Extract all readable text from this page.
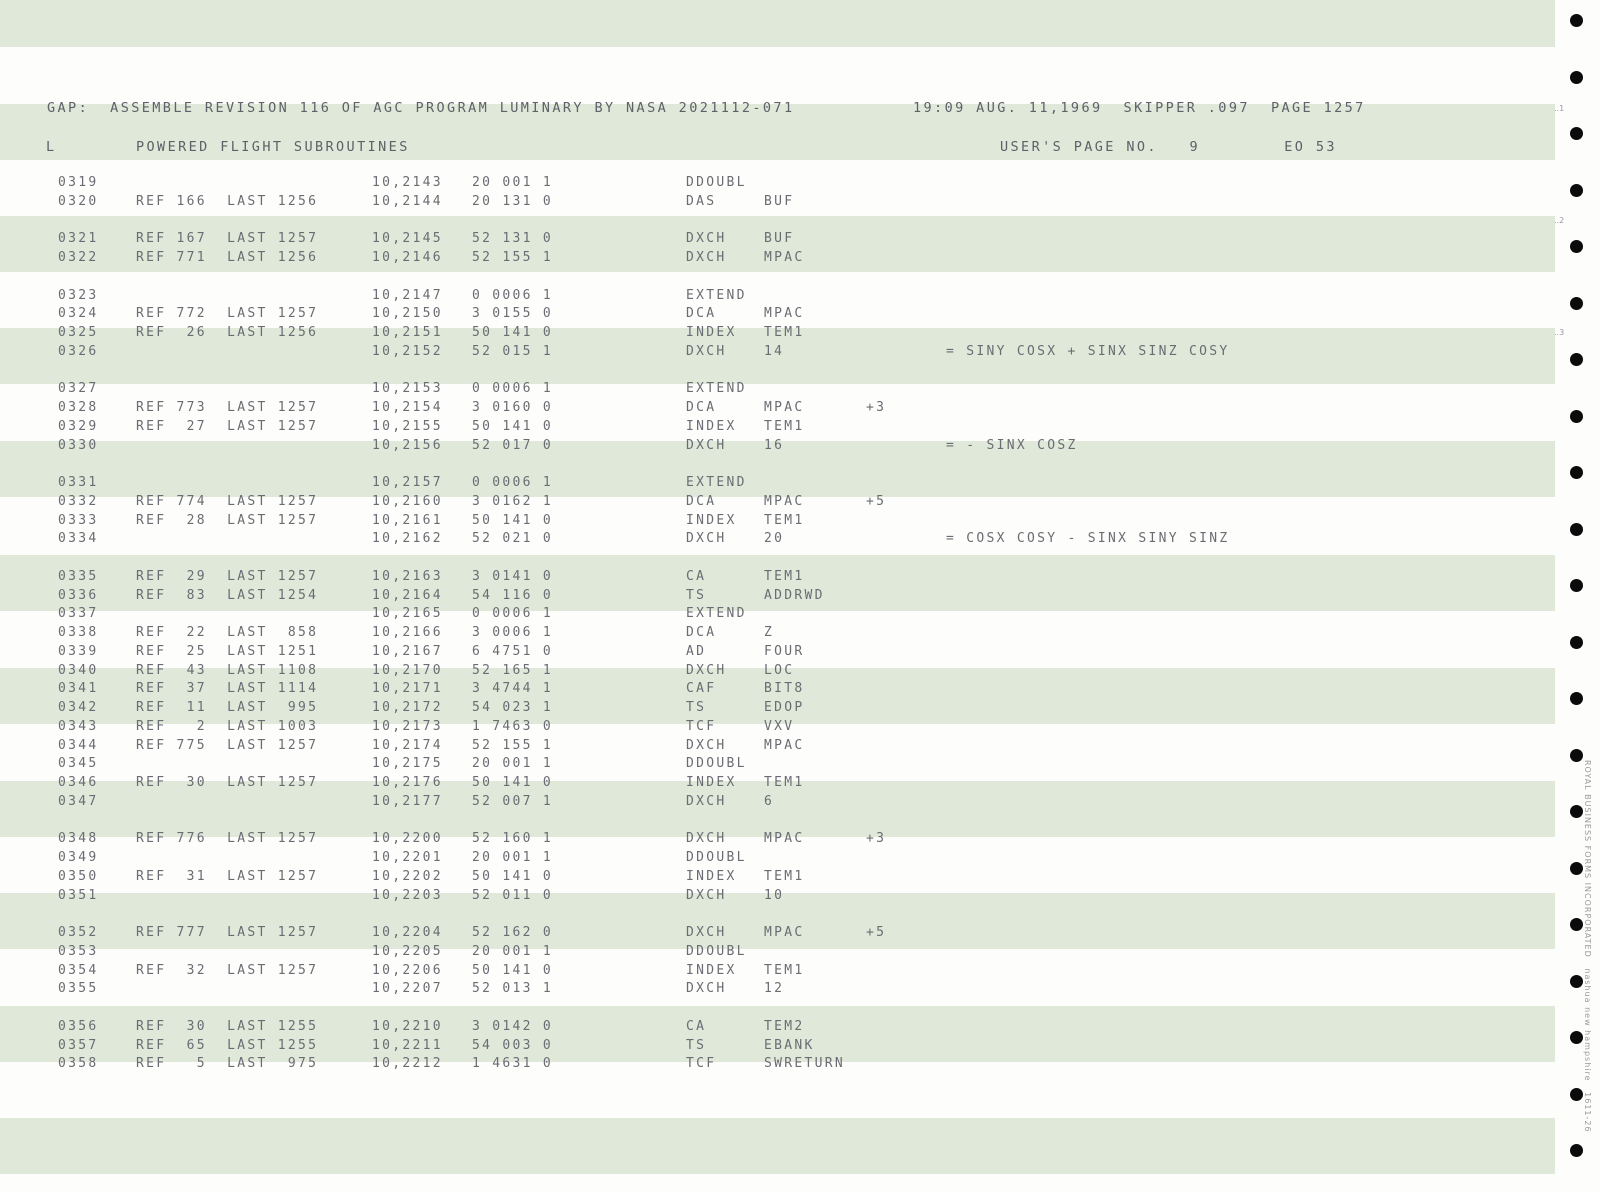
GAP:  ASSEMBLE REVISION 116 OF AGC PROGRAM LUMINARY BY NASA 2021112-071	19:09 AUG. 11,1969  SKIPPER .097  PAGE 1257
L	POWERED FLIGHT SUBROUTINES	USER'S PAGE NO.   9        EO 53
0319	10,2143 20 001 1	DDOUBL
0320	REF 166  LAST 1256	10,2144 20 131 0	DAS	BUF
0321	REF 167  LAST 1257	10,2145 52 131 0	DXCH	BUF
0322	REF 771  LAST 1256	10,2146 52 155 1	DXCH	MPAC
0323	10,2147 0 0006 1	EXTEND
0324	REF 772  LAST 1257	10,2150 3 0155 0	DCA	MPAC
0325	REF  26  LAST 1256	10,2151 50 141 0	INDEX TEM1
0326	10,2152 52 015 1	DXCH	14	= SINY COSX + SINX SINZ COSY
0327	10,2153 0 0006 1	EXTEND
0328	REF 773  LAST 1257	10,2154 3 0160 0	DCA	MPAC	+3
0329	REF  27  LAST 1257	10,2155 50 141 0	INDEX TEM1
0330	10,2156 52 017 0	DXCH	16	= - SINX COSZ
0331	10,2157 0 0006 1	EXTEND
0332	REF 774  LAST 1257	10,2160 3 0162 1	DCA	MPAC	+5
0333	REF  28  LAST 1257	10,2161 50 141 0	INDEX TEM1
0334	10,2162 52 021 0	DXCH	20	= COSX COSY - SINX SINY SINZ
0335	REF  29  LAST 1257	10,2163 3 0141 0	CA	TEM1
0336	REF  83  LAST 1254	10,2164 54 116 0	TS	ADDRWD
0337	10,2165 0 0006 1	EXTEND
0338	REF  22  LAST  858	10,2166 3 0006 1	DCA	Z
0339	REF  25  LAST 1251	10,2167 6 4751 0	AD	FOUR
0340	REF  43  LAST 1108	10,2170 52 165 1	DXCH	LOC
0341	REF  37  LAST 1114	10,2171 3 4744 1	CAF	BIT8
0342	REF  11  LAST  995	10,2172 54 023 1	TS	EDOP
0343	REF   2  LAST 1003	10,2173 1 7463 0	TCF	VXV
0344	REF 775  LAST 1257	10,2174 52 155 1	DXCH	MPAC
0345	10,2175 20 001 1	DDOUBL
0346	REF  30  LAST 1257	10,2176 50 141 0	INDEX TEM1
0347	10,2177 52 007 1	DXCH	6
0348	REF 776  LAST 1257	10,2200 52 160 1	DXCH	MPAC	+3
0349	10,2201 20 001 1	DDOUBL
0350	REF  31  LAST 1257	10,2202 50 141 0	INDEX TEM1
0351	10,2203 52 011 0	DXCH	10
0352	REF 777  LAST 1257	10,2204 52 162 0	DXCH	MPAC	+5
0353	10,2205 20 001 1	DDOUBL
0354	REF  32  LAST 1257	10,2206 50 141 0	INDEX TEM1
0355	10,2207 52 013 1	DXCH	12
0356	REF  30  LAST 1255	10,2210 3 0142 0	CA	TEM2
0357	REF  65  LAST 1255	10,2211 54 003 0	TS	EBANK
0358	REF   5  LAST  975	10,2212 1 4631 0	TCF	SWRETURN
..1
..2
..3
ROYAL BUSINESS FORMS INCORPORATED   nashua new hampshire   1611-26
